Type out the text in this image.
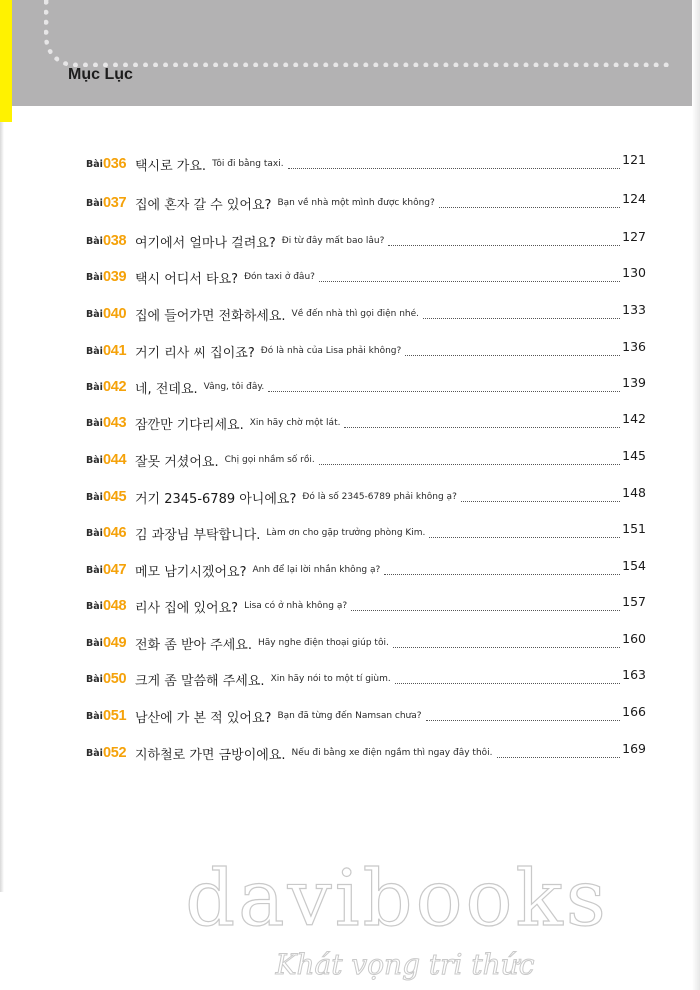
Mục Lục
Bài 036 택시로 가요. Tôi đi bằng taxi.	121
Bài 037 집에 혼자 갈 수 있어요? Bạn về nhà một mình được không?	124
Bài 038 여기에서 얼마나 걸려요? Đi từ đây mất bao lâu?	127
Bài 039 택시 어디서 타요? Đón taxi ở đâu?	130
Bài 040 집에 들어가면 전화하세요. Về đến nhà thì gọi điện nhé.	133
Bài 041 거기 리사 씨 집이죠? Đó là nhà của Lisa phải không?	136
Bài 042 네, 전데요. Vâng, tôi đây.	139
Bài 043 잠깐만 기다리세요. Xin hãy chờ một lát.	142
Bài 044 잘못 거셨어요. Chị gọi nhầm số rồi.	145
Bài 045 거기 2345-6789 아니에요? Đó là số 2345-6789 phải không ạ?	148
Bài 046 김 과장님 부탁합니다. Làm ơn cho gặp trưởng phòng Kim.	151
Bài 047 메모 남기시겠어요? Anh để lại lời nhắn không ạ?	154
Bài 048 리사 집에 있어요? Lisa có ở nhà không ạ?	157
Bài 049 전화 좀 받아 주세요. Hãy nghe điện thoại giúp tôi.	160
Bài 050 크게 좀 말씀해 주세요. Xin hãy nói to một tí giùm.	163
Bài 051 남산에 가 본 적 있어요? Bạn đã từng đến Namsan chưa?	166
Bài 052 지하철로 가면 금방이에요. Nếu đi bằng xe điện ngầm thì ngay đây thôi.	169
davibooks
Khát vọng tri thức
